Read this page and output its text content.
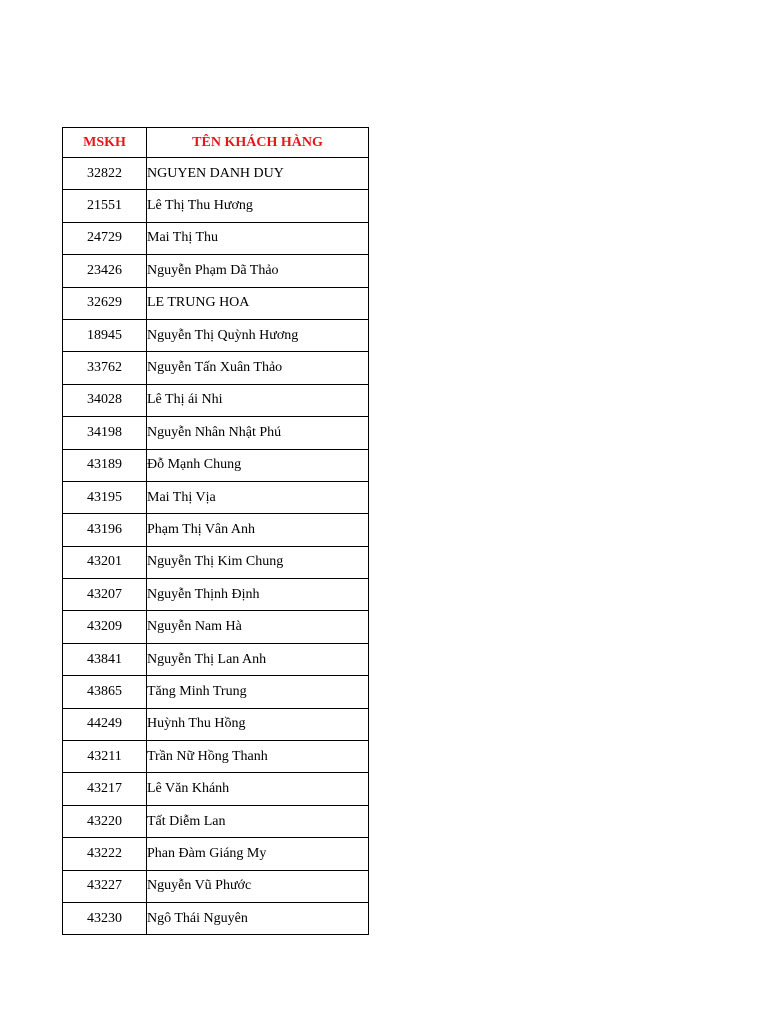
MSKH	TÊN KHÁCH HÀNG
32822	NGUYEN DANH DUY
21551	Lê Thị Thu Hương
24729	Mai Thị Thu
23426	Nguyễn Phạm Dã Thảo
32629	LE TRUNG HOA
18945	Nguyễn Thị Quỳnh Hương
33762	Nguyễn Tấn Xuân Thảo
34028	Lê Thị ái Nhi
34198	Nguyễn Nhân Nhật Phú
43189	Đỗ Mạnh Chung
43195	Mai Thị Vịa
43196	Phạm Thị Vân Anh
43201	Nguyễn Thị Kim Chung
43207	Nguyễn Thịnh Định
43209	Nguyễn Nam Hà
43841	Nguyễn Thị Lan Anh
43865	Tăng Minh Trung
44249	Huỳnh Thu Hồng
43211	Trần Nữ Hồng Thanh
43217	Lê Văn Khánh
43220	Tất Diễm Lan
43222	Phan Đàm Giáng My
43227	Nguyễn Vũ Phước
43230	Ngô Thái Nguyên
